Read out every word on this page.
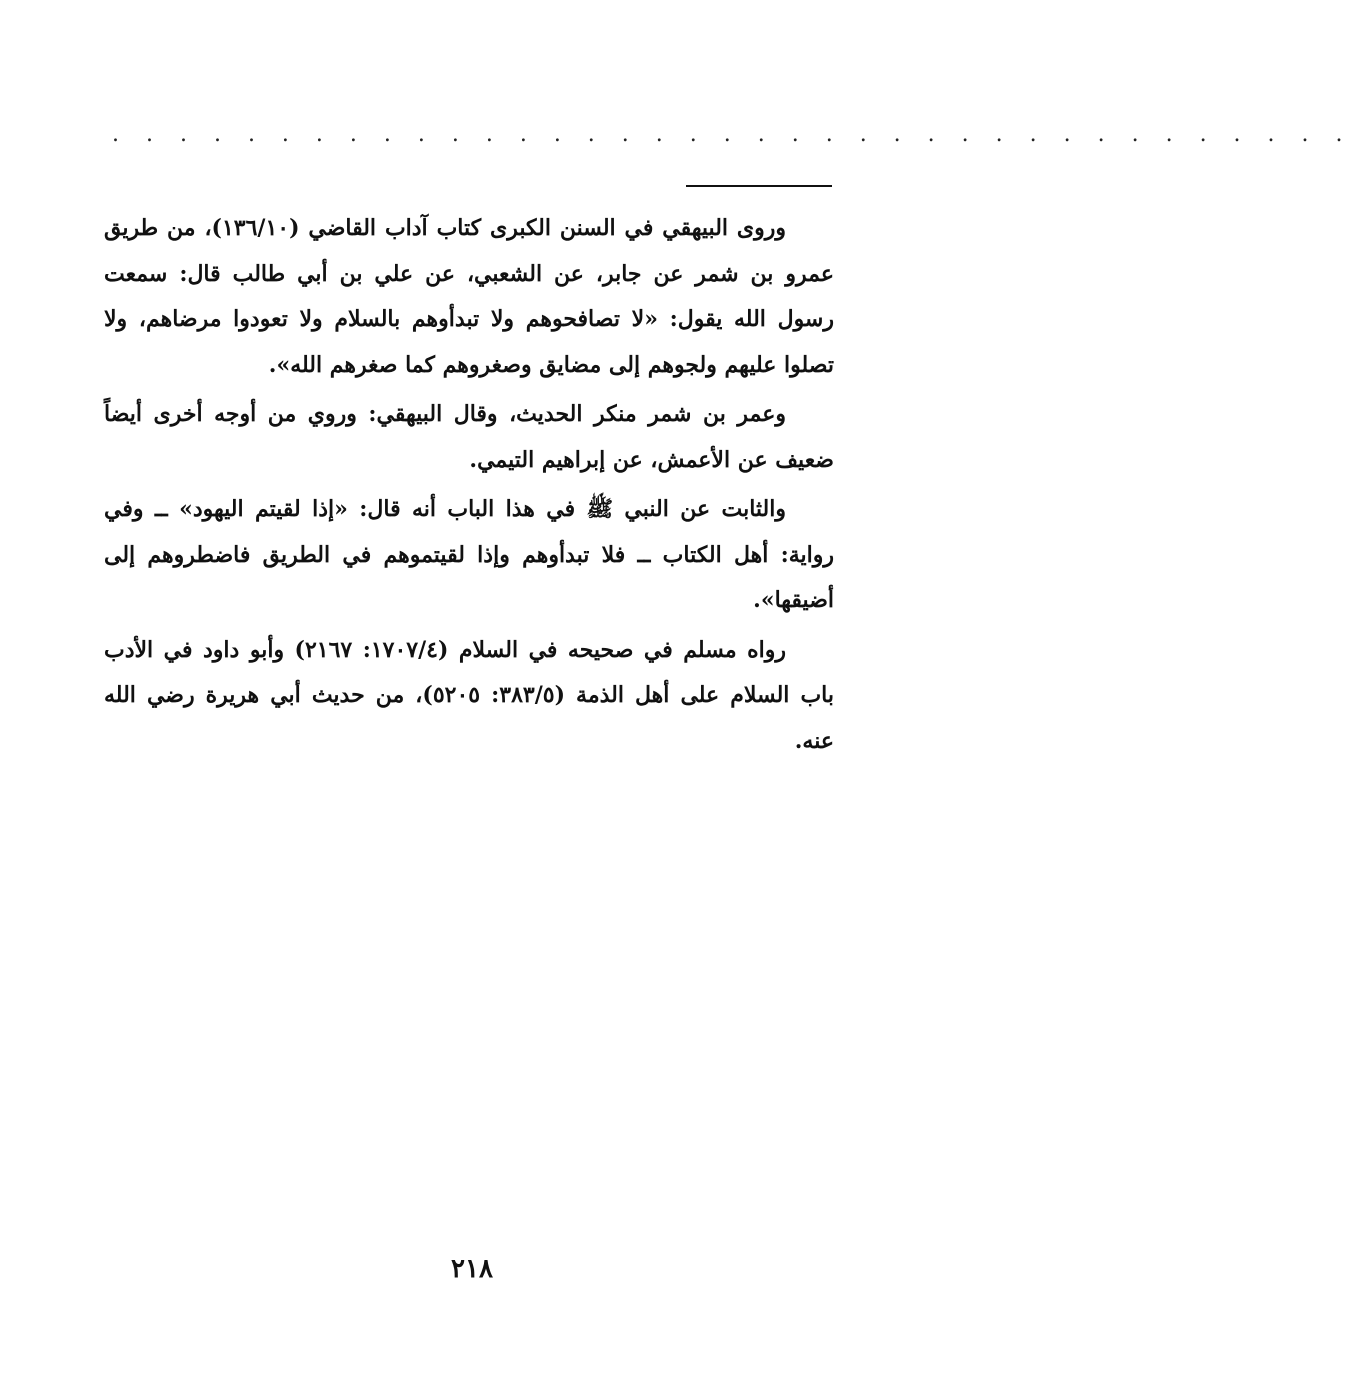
. . . . . . . . . . . . . . . . . . . . . . . . . . . . . . . . . . . . .

وروى البيهقي في السنن الكبرى كتاب آداب القاضي (١٣٦/١٠)، من طريق عمرو بن شمر عن جابر، عن الشعبي، عن علي بن أبي طالب قال: سمعت رسول الله يقول: «لا تصافحوهم ولا تبدأوهم بالسلام ولا تعودوا مرضاهم، ولا تصلوا عليهم ولجوهم إلى مضايق وصغروهم كما صغرهم الله».

وعمر بن شمر منكر الحديث، وقال البيهقي: وروي من أوجه أخرى أيضاً ضعيف عن الأعمش، عن إبراهيم التيمي.

والثابت عن النبي ﷺ في هذا الباب أنه قال: «إذا لقيتم اليهود» ــ وفي رواية: أهل الكتاب ــ فلا تبدأوهم وإذا لقيتموهم في الطريق فاضطروهم إلى أضيقها».

رواه مسلم في صحيحه في السلام (١٧٠٧/٤: ٢١٦٧) وأبو داود في الأدب باب السلام على أهل الذمة (٣٨٣/٥: ٥٢٠٥)، من حديث أبي هريرة رضي الله عنه.

٢١٨
